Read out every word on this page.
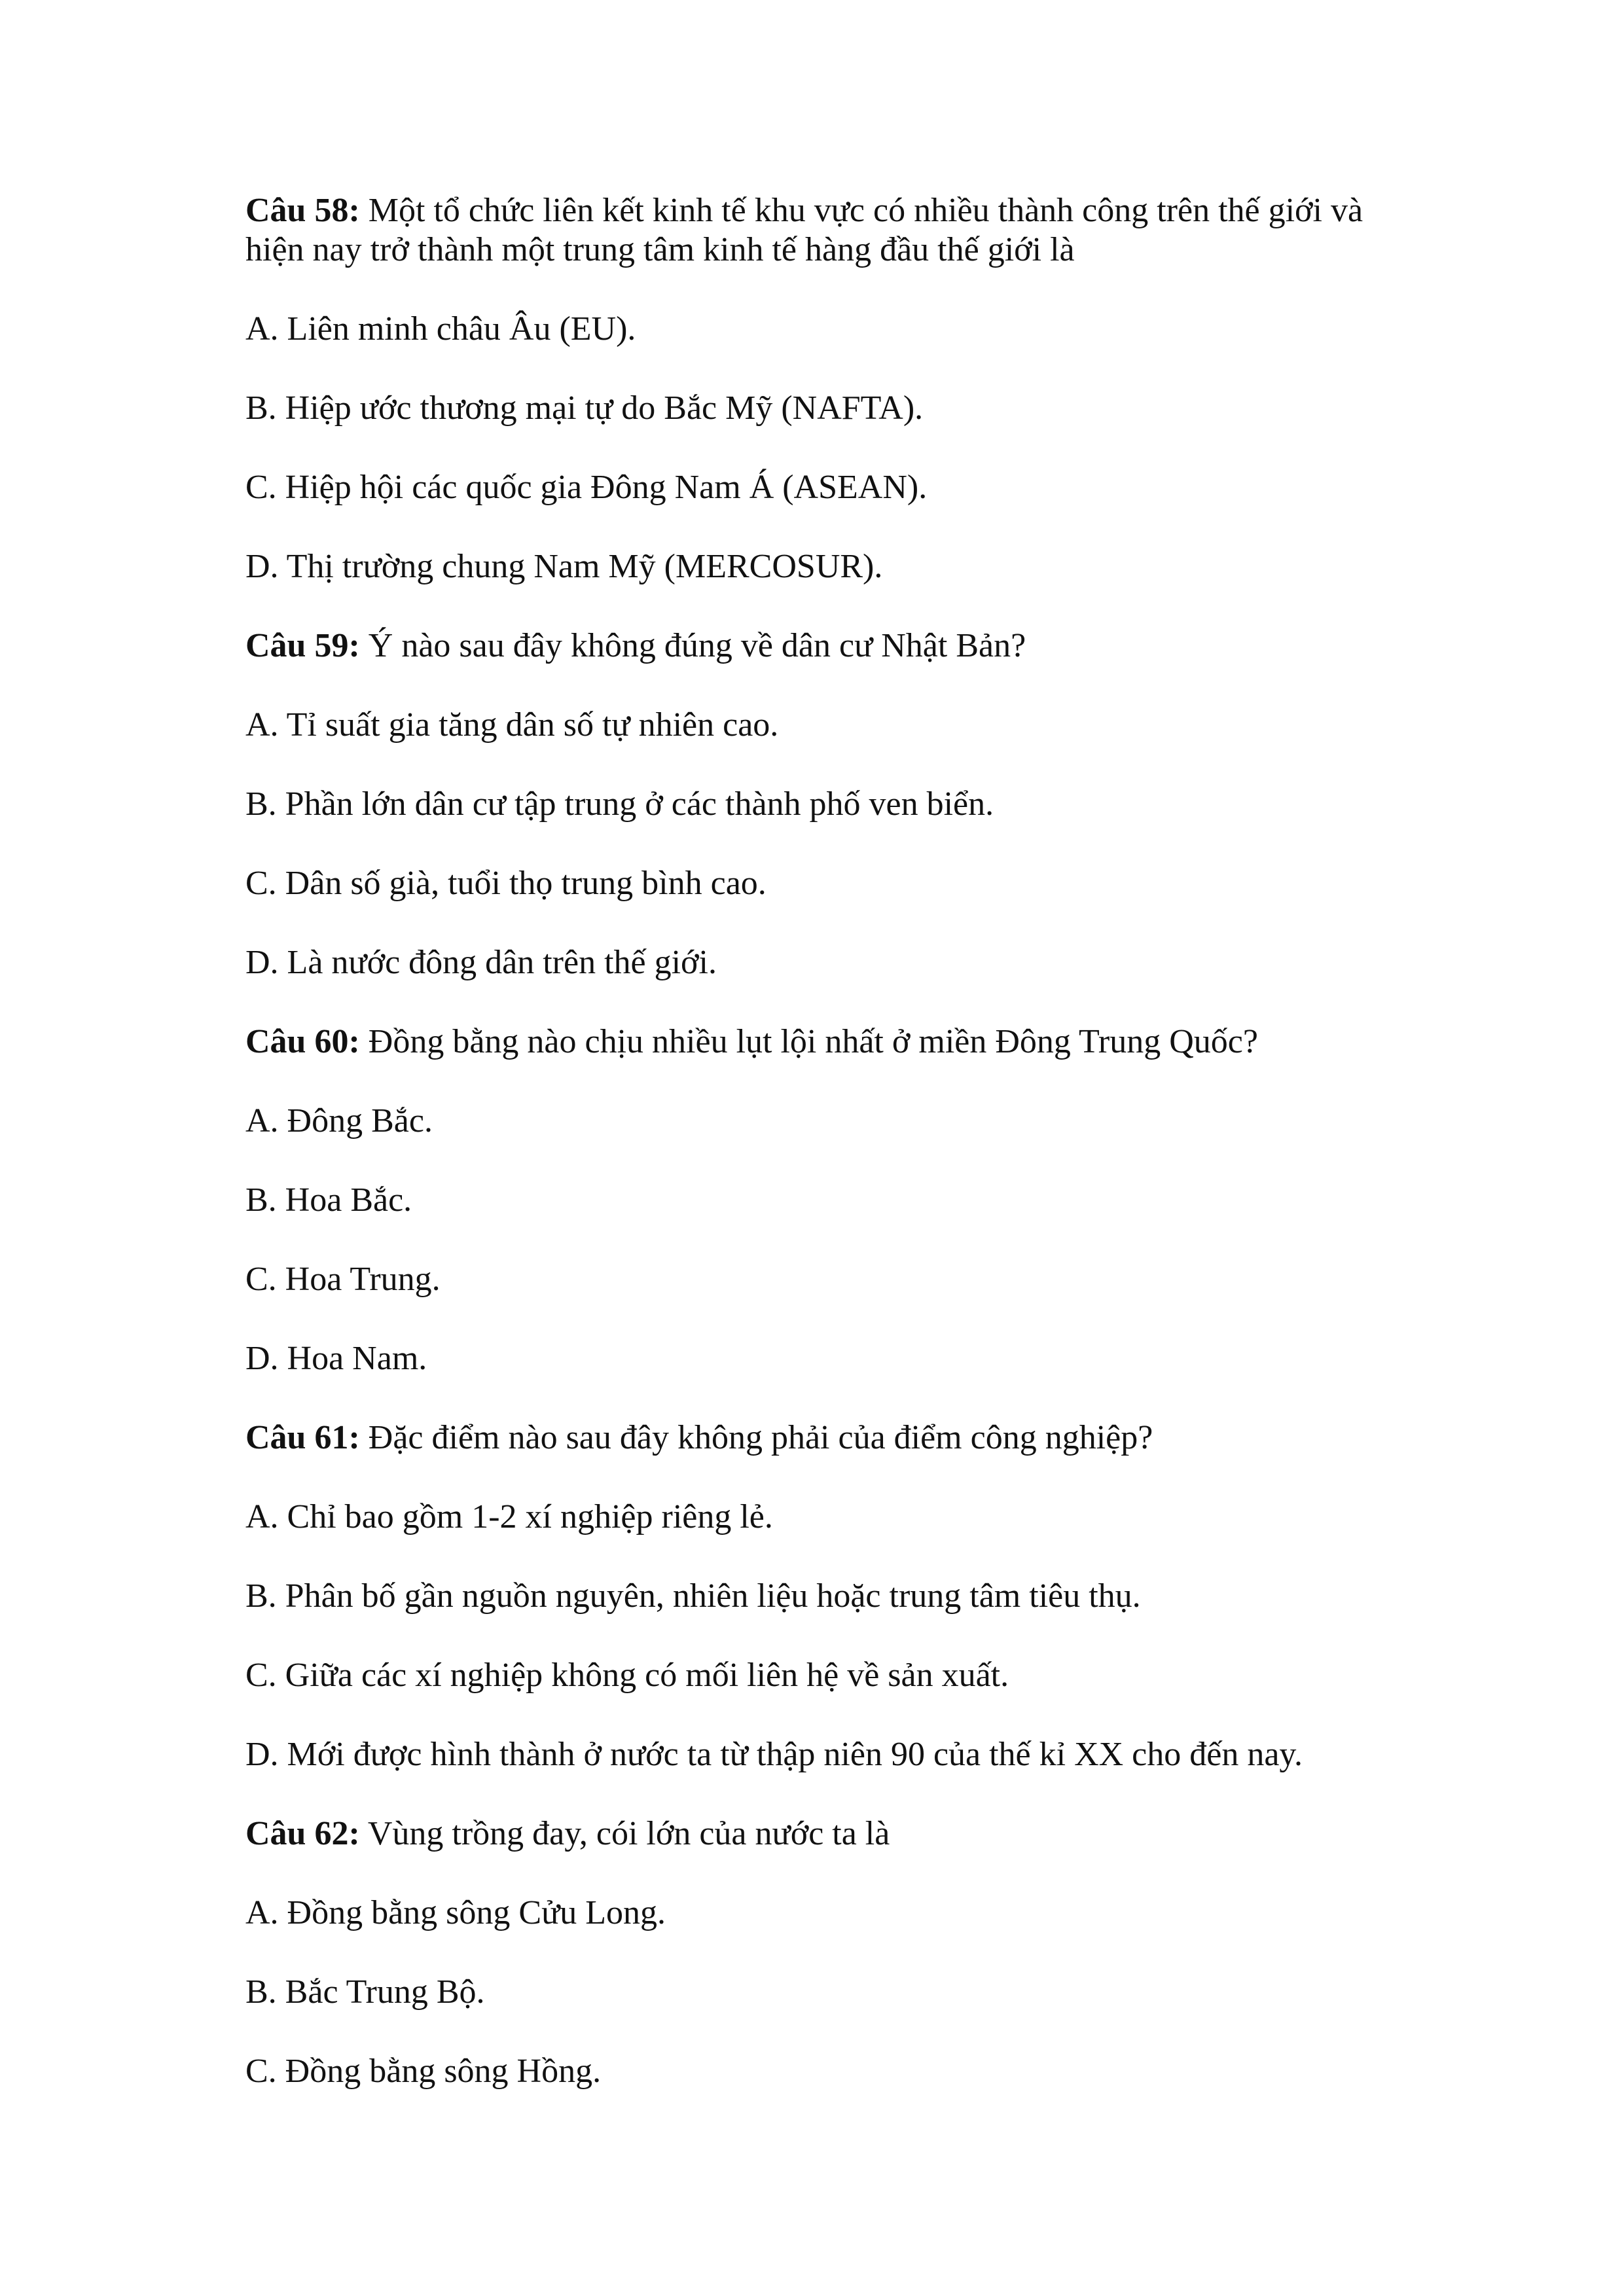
Câu 58: Một tổ chức liên kết kinh tế khu vực có nhiều thành công trên thế giới và hiện nay trở thành một trung tâm kinh tế hàng đầu thế giới là

A. Liên minh châu Âu (EU).

B. Hiệp ước thương mại tự do Bắc Mỹ (NAFTA).

C. Hiệp hội các quốc gia Đông Nam Á (ASEAN).

D. Thị trường chung Nam Mỹ (MERCOSUR).

Câu 59: Ý nào sau đây không đúng về dân cư Nhật Bản?

A. Tỉ suất gia tăng dân số tự nhiên cao.

B. Phần lớn dân cư tập trung ở các thành phố ven biển.

C. Dân số già, tuổi thọ trung bình cao.

D. Là nước đông dân trên thế giới.

Câu 60: Đồng bằng nào chịu nhiều lụt lội nhất ở miền Đông Trung Quốc?

A. Đông Bắc.

B. Hoa Bắc.

C. Hoa Trung.

D. Hoa Nam.

Câu 61: Đặc điểm nào sau đây không phải của điểm công nghiệp?

A. Chỉ bao gồm 1-2 xí nghiệp riêng lẻ.

B. Phân bố gần nguồn nguyên, nhiên liệu hoặc trung tâm tiêu thụ.

C. Giữa các xí nghiệp không có mối liên hệ về sản xuất.

D. Mới được hình thành ở nước ta từ thập niên 90 của thế kỉ XX cho đến nay.

Câu 62: Vùng trồng đay, cói lớn của nước ta là

A. Đồng bằng sông Cửu Long.

B. Bắc Trung Bộ.

C. Đồng bằng sông Hồng.
